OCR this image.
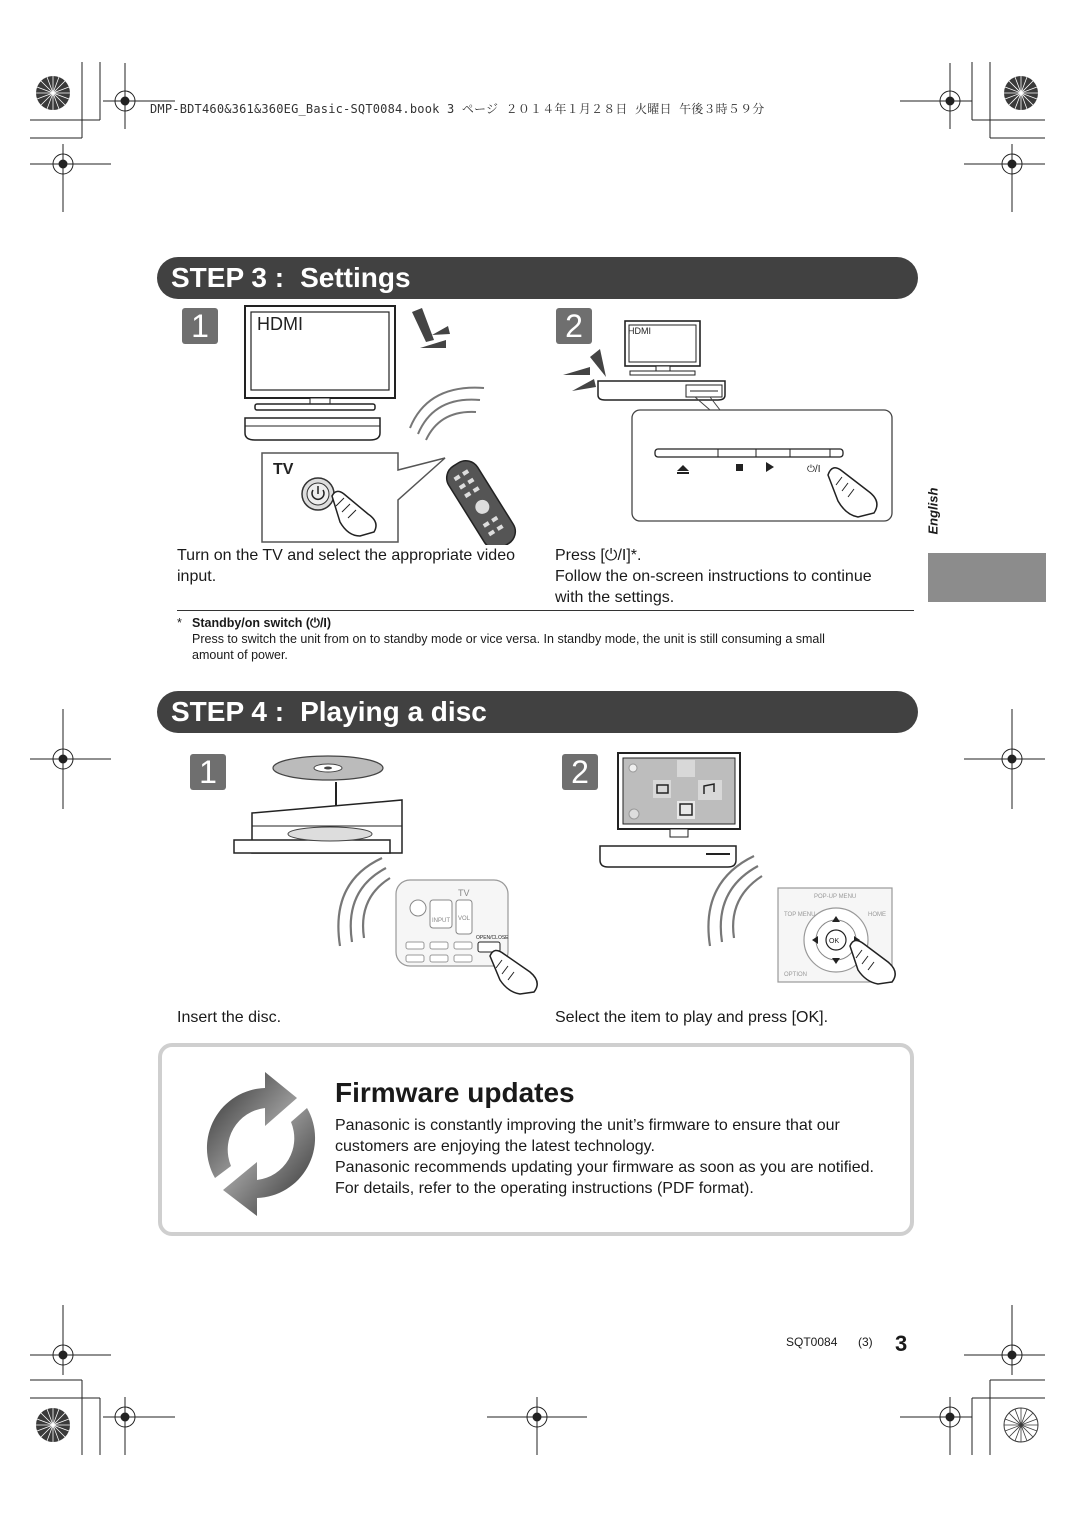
DMP-BDT460&361&360EG_Basic-SQT0084.book 3 ページ ２０１４年１月２８日 火曜日 午後３時５９分
English
STEP 3 : Settings
1	2
HDMI
TV	⏻/I
HDMI
Turn on the TV and select the appropriate video
input.
Press [⏻/I]*.
Follow the on-screen instructions to continue
with the settings.
* Standby/on switch (⏻/I)
Press to switch the unit from on to standby mode or vice versa. In standby mode, the unit is still consuming a small
amount of power.
STEP 4 : Playing a disc
1	2
TV
INPUT VOL
OPEN/CLOSE	OK
POP-UP MENU
TOP MENU	HOME
OPTION
Insert the disc.	Select the item to play and press [OK].
Firmware updates
Panasonic is constantly improving the unit’s firmware to ensure that our
customers are enjoying the latest technology.
Panasonic recommends updating your firmware as soon as you are notified.
For details, refer to the operating instructions (PDF format).
SQT0084 (3) 3
